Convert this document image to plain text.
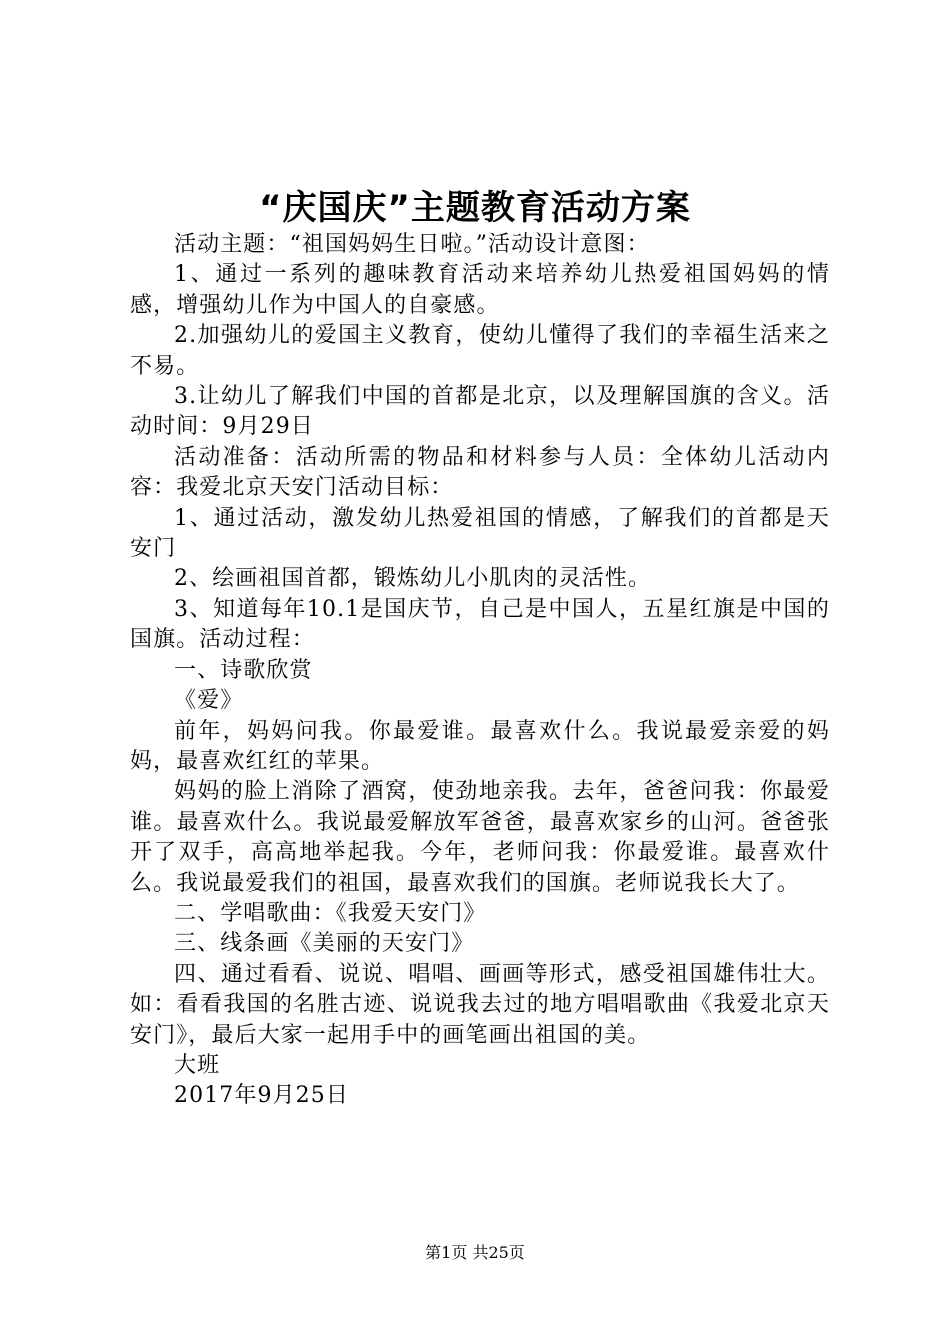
“庆国庆”主题教育活动方案

活动主题：“祖国妈妈生日啦。”活动设计意图：

1、通过一系列的趣味教育活动来培养幼儿热爱祖国妈妈的情感，增强幼儿作为中国人的自豪感。

2.加强幼儿的爱国主义教育，使幼儿懂得了我们的幸福生活来之不易。

3.让幼儿了解我们中国的首都是北京，以及理解国旗的含义。活动时间：9月29日

活动准备：活动所需的物品和材料参与人员：全体幼儿活动内容：我爱北京天安门活动目标：

1、通过活动，激发幼儿热爱祖国的情感，了解我们的首都是天安门

2、绘画祖国首都，锻炼幼儿小肌肉的灵活性。

3、知道每年10.1是国庆节，自己是中国人，五星红旗是中国的国旗。活动过程：

一、诗歌欣赏

《爱》

前年，妈妈问我。你最爱谁。最喜欢什么。我说最爱亲爱的妈妈，最喜欢红红的苹果。

妈妈的脸上消除了酒窝，使劲地亲我。去年，爸爸问我：你最爱谁。最喜欢什么。我说最爱解放军爸爸，最喜欢家乡的山河。爸爸张开了双手，高高地举起我。今年，老师问我：你最爱谁。最喜欢什么。我说最爱我们的祖国，最喜欢我们的国旗。老师说我长大了。

二、学唱歌曲：《我爱天安门》

三、线条画《美丽的天安门》

四、通过看看、说说、唱唱、画画等形式，感受祖国雄伟壮大。如：看看我国的名胜古迹、说说我去过的地方唱唱歌曲《我爱北京天安门》，最后大家一起用手中的画笔画出祖国的美。

大班

2017年9月25日

第1页 共25页
